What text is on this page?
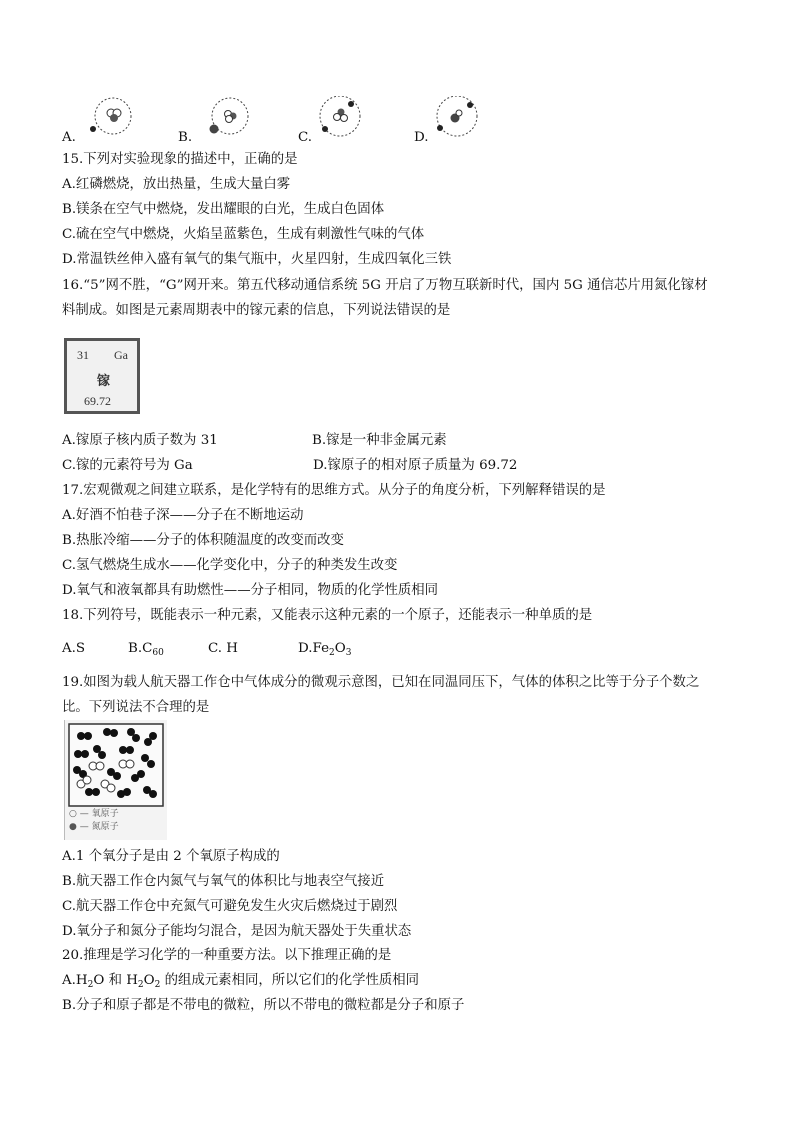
A.	B.	C.	D.
15.下列对实验现象的描述中，正确的是
A.红磷燃烧，放出热量，生成大量白雾
B.镁条在空气中燃烧，发出耀眼的白光，生成白色固体
C.硫在空气中燃烧，火焰呈蓝紫色，生成有刺激性气味的气体
D.常温铁丝伸入盛有氧气的集气瓶中，火星四射，生成四氧化三铁
16.“5”网不胜，“G”网开来。第五代移动通信系统 5G 开启了万物互联新时代，国内 5G 通信芯片用氮化镓材
料制成。如图是元素周期表中的镓元素的信息，下列说法错误的是
31 Ga
镓
69.72
A.镓原子核内质子数为 31	B.镓是一种非金属元素
C.镓的元素符号为 Ga	D.镓原子的相对原子质量为 69.72
17.宏观微观之间建立联系，是化学特有的思维方式。从分子的角度分析，下列解释错误的是
A.好酒不怕巷子深——分子在不断地运动
B.热胀冷缩——分子的体积随温度的改变而改变
C.氢气燃烧生成水——化学变化中，分子的种类发生改变
D.氧气和液氧都具有助燃性——分子相同，物质的化学性质相同
18.下列符号，既能表示一种元素，又能表示这种元素的一个原子，还能表示一种单质的是
A.S	$B.C_{60}$	C. H	$D.Fe_2O_3$
19.如图为载人航天器工作仓中气体成分的微观示意图，已知在同温同压下，气体的体积之比等于分子个数之
比。下列说法不合理的是
○ — 氧原子
● — 氮原子
A.1 个氧分子是由 2 个氧原子构成的
B.航天器工作仓内氮气与氧气的体积比与地表空气接近
C.航天器工作仓中充氮气可避免发生火灾后燃烧过于剧烈
D.氧分子和氮分子能均匀混合，是因为航天器处于失重状态
20.推理是学习化学的一种重要方法。以下推理正确的是
$A.H_2O$ 和 $H_2O_2$ 的组成元素相同，所以它们的化学性质相同
B.分子和原子都是不带电的微粒，所以不带电的微粒都是分子和原子
